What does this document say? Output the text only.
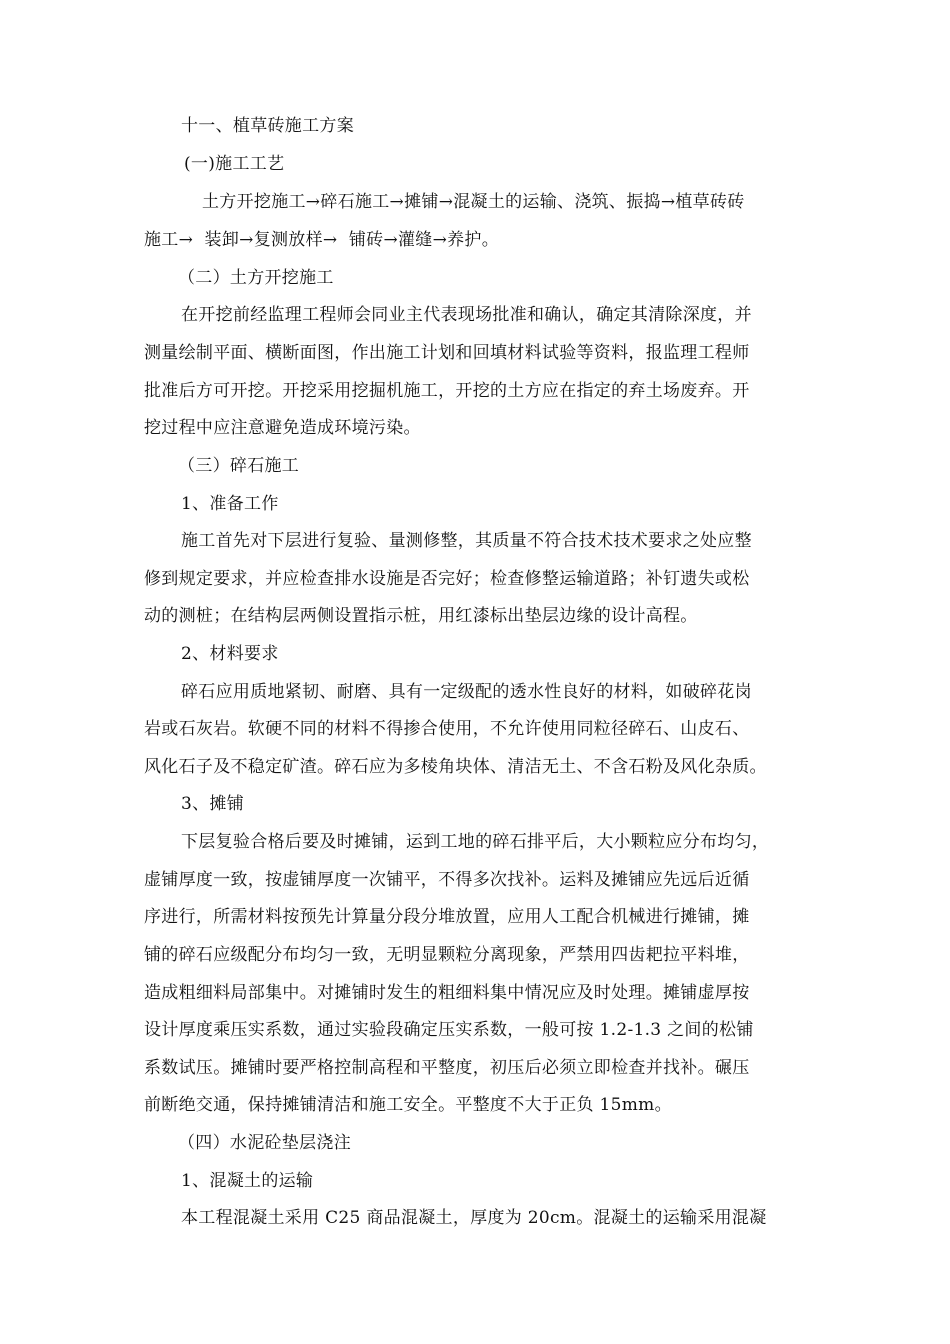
十一、植草砖施工方案
(一)施工工艺
土方开挖施工→碎石施工→摊铺→混凝土的运输、浇筑、振捣→植草砖砖
施工→  装卸→复测放样→  铺砖→灌缝→养护。
（二）土方开挖施工
在开挖前经监理工程师会同业主代表现场批准和确认，确定其清除深度，并
测量绘制平面、横断面图，作出施工计划和回填材料试验等资料，报监理工程师
批准后方可开挖。开挖采用挖掘机施工，开挖的土方应在指定的弃土场废弃。开
挖过程中应注意避免造成环境污染。
（三）碎石施工
1、准备工作
施工首先对下层进行复验、量测修整，其质量不符合技术技术要求之处应整
修到规定要求，并应检查排水设施是否完好；检查修整运输道路；补钉遗失或松
动的测桩；在结构层两侧设置指示桩，用红漆标出垫层边缘的设计高程。
2、材料要求
碎石应用质地紧韧、耐磨、具有一定级配的透水性良好的材料，如破碎花岗
岩或石灰岩。软硬不同的材料不得掺合使用，不允许使用同粒径碎石、山皮石、
风化石子及不稳定矿渣。碎石应为多棱角块体、清洁无土、不含石粉及风化杂质。
3、摊铺
下层复验合格后要及时摊铺，运到工地的碎石排平后，大小颗粒应分布均匀，
虚铺厚度一致，按虚铺厚度一次铺平，不得多次找补。运料及摊铺应先远后近循
序进行，所需材料按预先计算量分段分堆放置，应用人工配合机械进行摊铺，摊
铺的碎石应级配分布均匀一致，无明显颗粒分离现象，严禁用四齿耙拉平料堆，
造成粗细料局部集中。对摊铺时发生的粗细料集中情况应及时处理。摊铺虚厚按
设计厚度乘压实系数，通过实验段确定压实系数，一般可按 1.2-1.3 之间的松铺
系数试压。摊铺时要严格控制高程和平整度，初压后必须立即检查并找补。碾压
前断绝交通，保持摊铺清洁和施工安全。平整度不大于正负 15mm。
（四）水泥砼垫层浇注
1、混凝土的运输
本工程混凝土采用 C25 商品混凝土，厚度为 20cm。混凝土的运输采用混凝
